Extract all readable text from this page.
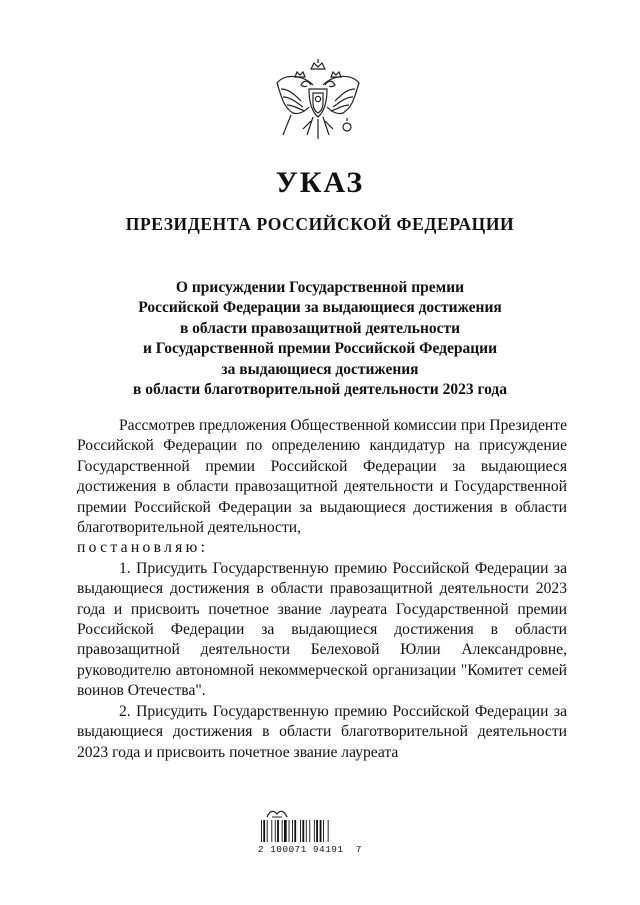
УКАЗ
ПРЕЗИДЕНТА РОССИЙСКОЙ ФЕДЕРАЦИИ
О присуждении Государственной премии
Российской Федерации за выдающиеся достижения
в области правозащитной деятельности
и Государственной премии Российской Федерации
за выдающиеся достижения
в области благотворительной деятельности 2023 года

Рассмотрев предложения Общественной комиссии при Президенте Российской Федерации по определению кандидатур на присуждение Государственной премии Российской Федерации за выдающиеся достижения в области правозащитной деятельности и Государственной премии Российской Федерации за выдающиеся достижения в области благотворительной деятельности,

постановляю:

1. Присудить Государственную премию Российской Федерации за выдающиеся достижения в области правозащитной деятельности 2023 года и присвоить почетное звание лауреата Государственной премии Российской Федерации за выдающиеся достижения в области правозащитной деятельности Белеховой Юлии Александровне, руководителю автономной некоммерческой организации "Комитет семей воинов Отечества".

2. Присудить Государственную премию Российской Федерации за выдающиеся достижения в области благотворительной деятельности 2023 года и присвоить почетное звание лауреата

2 100071 94191  7
